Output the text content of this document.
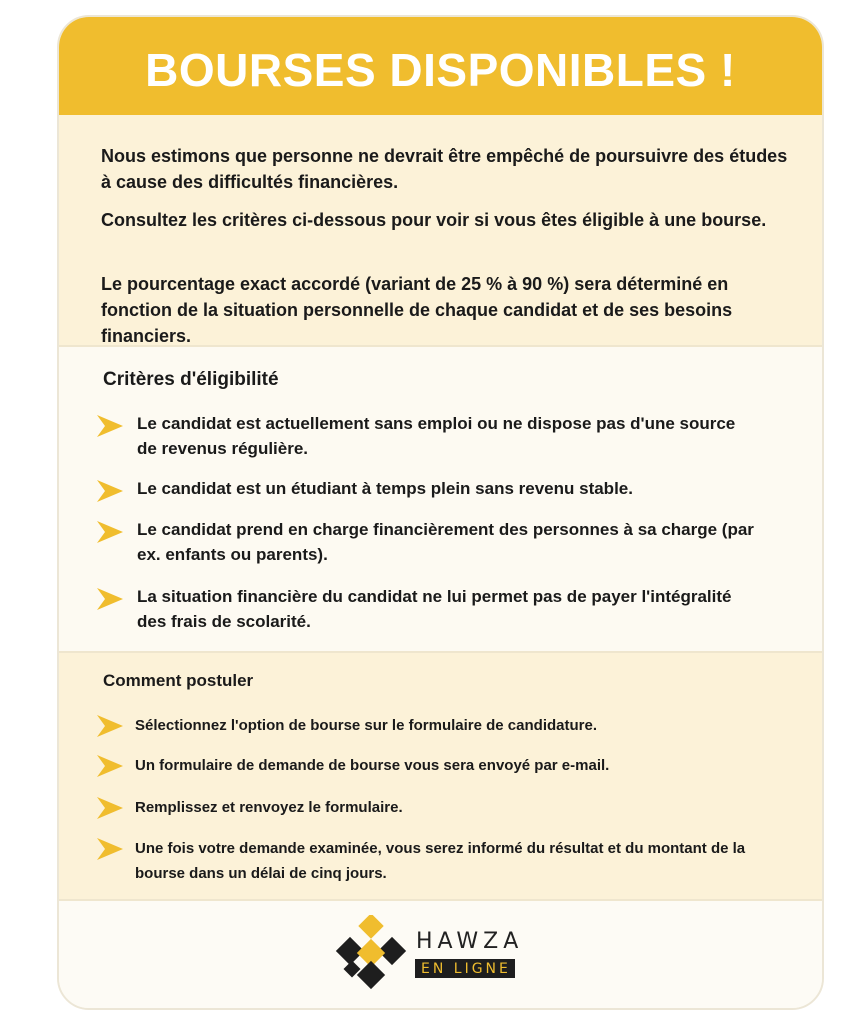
BOURSES DISPONIBLES !

Nous estimons que personne ne devrait être empêché de poursuivre des études à cause des difficultés financières.

Consultez les critères ci-dessous pour voir si vous êtes éligible à une bourse.

Le pourcentage exact accordé (variant de 25 % à 90 %) sera déterminé en fonction de la situation personnelle de chaque candidat et de ses besoins financiers.

Critères d'éligibilité
Le candidat est actuellement sans emploi ou ne dispose pas d'une source de revenus régulière.
Le candidat est un étudiant à temps plein sans revenu stable.
Le candidat prend en charge financièrement des personnes à sa charge (par ex. enfants ou parents).
La situation financière du candidat ne lui permet pas de payer l'intégralité des frais de scolarité.
Comment postuler
Sélectionnez l'option de bourse sur le formulaire de candidature.
Un formulaire de demande de bourse vous sera envoyé par e-mail.
Remplissez et renvoyez le formulaire.
Une fois votre demande examinée, vous serez informé du résultat et du montant de la bourse dans un délai de cinq jours.
HAWZA
EN LIGNE
